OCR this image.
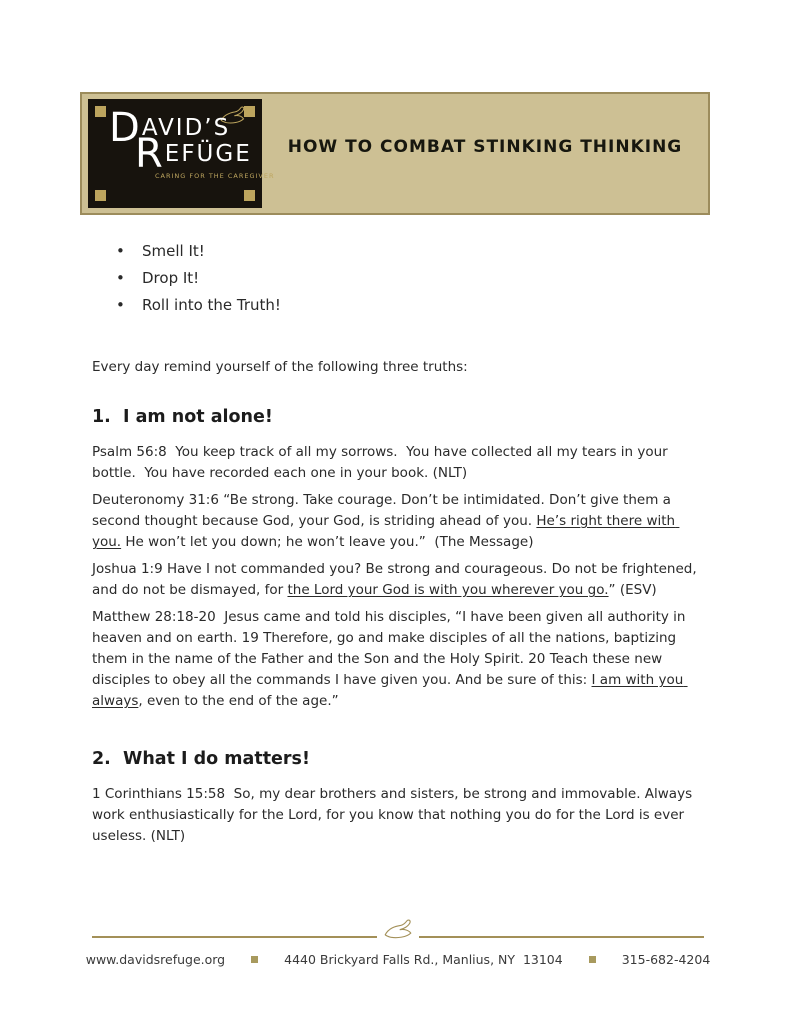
DAVID’S
REFÜGE
CARING FOR THE CAREGIVER
HOW TO COMBAT STINKING THINKING
• Smell It!
• Drop It!
• Roll into the Truth!

Every day remind yourself of the following three truths:

1.  I am not alone!

Psalm 56:8  You keep track of all my sorrows.  You have collected all my tears in your bottle.  You have recorded each one in your book. (NLT)

Deuteronomy 31:6 “Be strong. Take courage. Don’t be intimidated. Don’t give them a second thought because God, your God, is striding ahead of you. He’s right there with you. He won’t let you down; he won’t leave you.”  (The Message)

Joshua 1:9 Have I not commanded you? Be strong and courageous. Do not be frightened, and do not be dismayed, for the Lord your God is with you wherever you go.” (ESV)

Matthew 28:18-20  Jesus came and told his disciples, “I have been given all authority in heaven and on earth. 19 Therefore, go and make disciples of all the nations, baptizing them in the name of the Father and the Son and the Holy Spirit. 20 Teach these new disciples to obey all the commands I have given you. And be sure of this: I am with you always, even to the end of the age.”

2.  What I do matters!

1 Corinthians 15:58  So, my dear brothers and sisters, be strong and immovable. Always work enthusiastically for the Lord, for you know that nothing you do for the Lord is ever useless. (NLT)

www.davidsrefuge.org	4440 Brickyard Falls Rd., Manlius, NY  13104	315-682-4204
